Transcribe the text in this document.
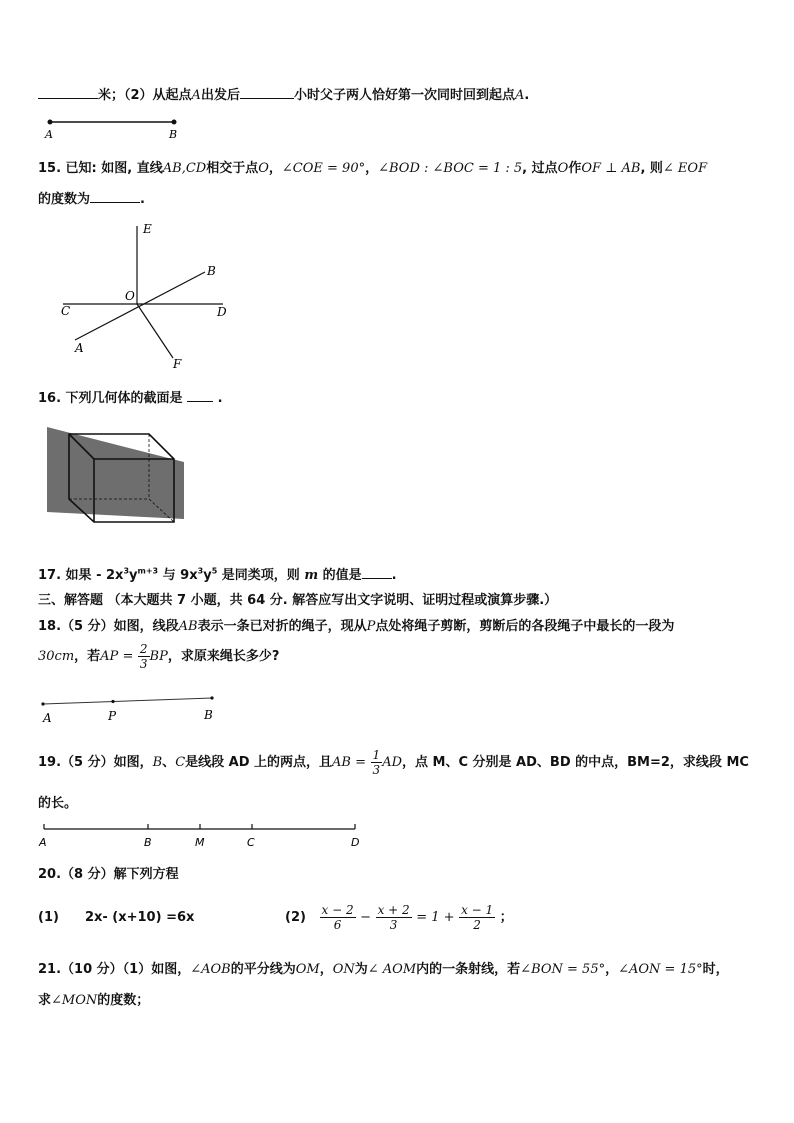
米；（2）从起点A出发后	小时父子两人恰好第一次同时回到起点A.
A	B
15. 已知: 如图, 直线AB,CD相交于点O，∠COE = 90°，∠BOD : ∠BOC = 1 : 5, 过点O作OF ⊥ AB, 则∠ EOF
的度数为	.
E
B
O
C	D
A
F
16. 下列几何体的截面是	.
17. 如果 - $2x^3y^{m+3}$ 与 $9x^3y^5$ 是同类项，则 m 的值是 .
三、解答题 （本大题共 7 小题，共 64 分. 解答应写出文字说明、证明过程或演算步骤.）
18.（5 分）如图，线段AB表示一条已对折的绳子，现从P点处将绳子剪断，剪断后的各段绳子中最长的一段为
30cm，若AP = $\frac{2}{3}$ BP，求原来绳长多少?
A	P	B
19.（5 分）如图，B、C是线段 AD 上的两点，且AB = $\frac{1}{3}$ AD，点 M、C 分别是 AD、BD 的中点，BM=2，求线段 MC
的长。
A	B	M	C	D
20.（8 分）解下列方程
(1) 2x- (x+10) =6x	$(2) \frac{x - 2}{6} - \frac{x + 2}{3} = 1 + \frac{x - 1}{2}$ ；
21.（10 分）（1）如图，∠AOB的平分线为OM，ON为∠ AOM内的一条射线，若∠BON = 55°，∠AON = 15°时，
求∠MON的度数；
